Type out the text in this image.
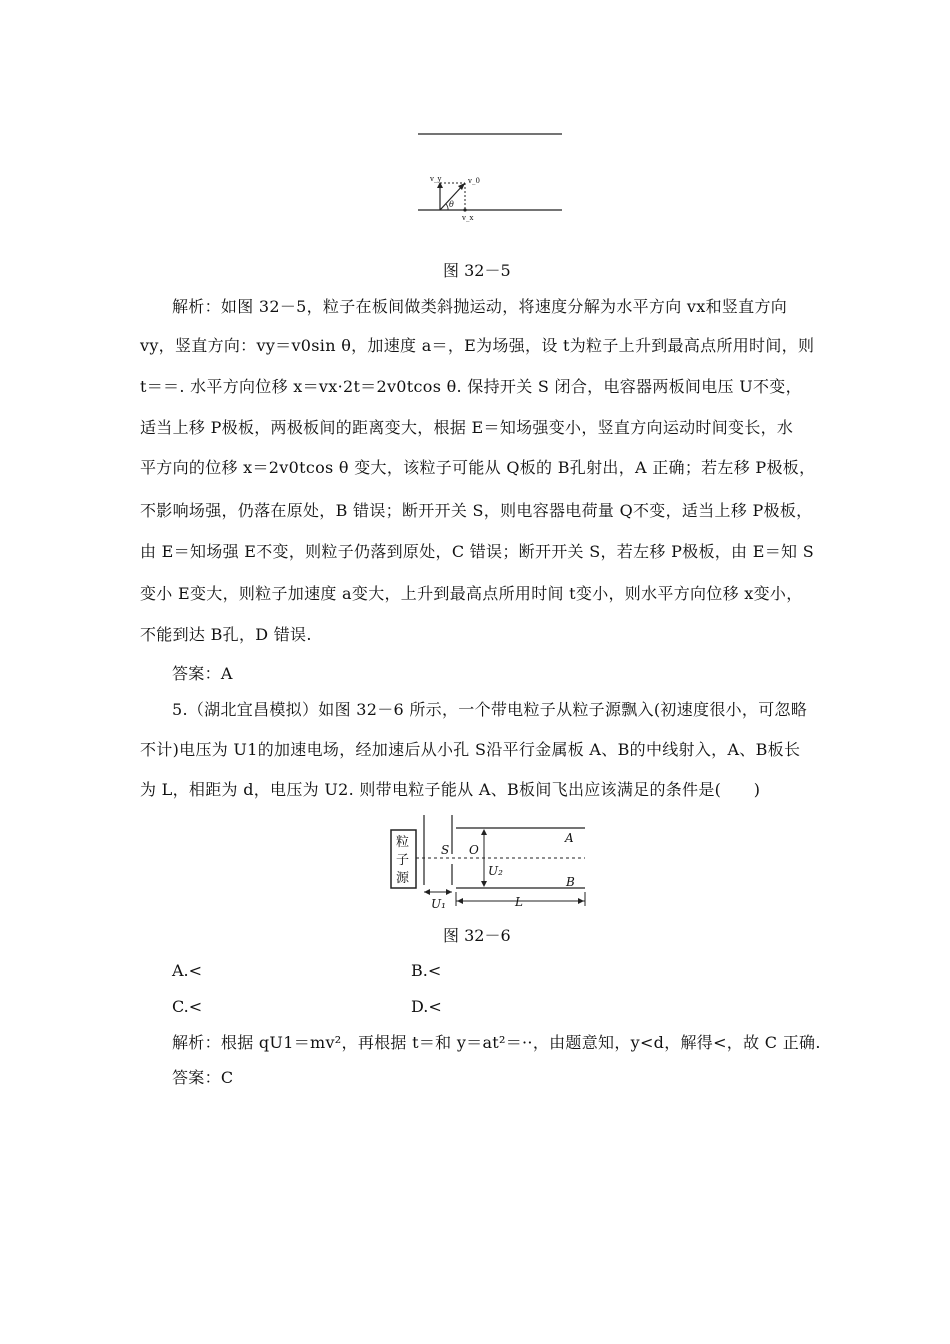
v_y	v_0
θ
v_x
图 32－5
解析：如图 32－5，粒子在板间做类斜抛运动，将速度分解为水平方向 vx和竖直方向
vy，竖直方向：vy＝v0sin θ，加速度 a＝，E为场强，设 t为粒子上升到最高点所用时间，则
t＝＝. 水平方向位移 x＝vx·2t＝2v0tcos θ. 保持开关 S 闭合，电容器两板间电压 U不变，
适当上移 P极板，两极板间的距离变大，根据 E＝知场强变小，竖直方向运动时间变长，水
平方向的位移 x＝2v0tcos θ 变大，该粒子可能从 Q板的 B孔射出，A 正确；若左移 P极板，
不影响场强，仍落在原处，B 错误；断开开关 S，则电容器电荷量 Q不变，适当上移 P极板，
由 E＝知场强 E不变，则粒子仍落到原处，C 错误；断开开关 S，若左移 P极板，由 E＝知 S
变小 E变大，则粒子加速度 a变大，上升到最高点所用时间 t变小，则水平方向位移 x变小，
不能到达 B孔，D 错误.
答案：A
5.（湖北宜昌模拟）如图 32－6 所示，一个带电粒子从粒子源飘入(初速度很小，可忽略
不计)电压为 U1的加速电场，经加速后从小孔 S沿平行金属板 A、B的中线射入，A、B板长
为 L，相距为 d，电压为 U2. 则带电粒子能从 A、B板间飞出应该满足的条件是(　　)
粒
子
源
S O
A
U₂
B
U₁	L
图 32－6
A.<	B.<
C.<	D.<
解析：根据 qU1＝mv²，再根据 t＝和 y＝at²＝··，由题意知，y<d，解得<，故 C 正确.
答案：C
